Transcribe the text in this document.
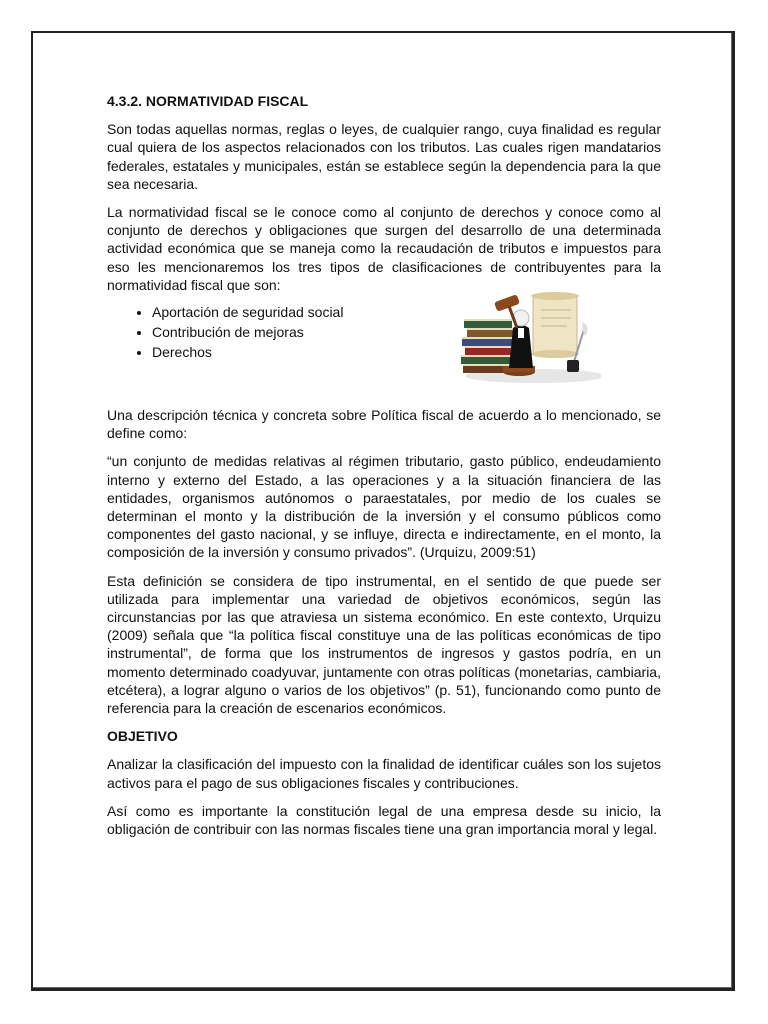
4.3.2. NORMATIVIDAD FISCAL

Son todas aquellas normas, reglas o leyes, de cualquier rango, cuya finalidad es regular cual quiera de los aspectos relacionados con los tributos. Las cuales rigen mandatarios federales, estatales y municipales, están se establece según la dependencia para la que sea necesaria.

La normatividad fiscal se le conoce como al conjunto de derechos y conoce como al conjunto de derechos y obligaciones que surgen del desarrollo de una determinada actividad económica que se maneja como la recaudación de tributos e impuestos para eso les mencionaremos los tres tipos de clasificaciones de contribuyentes para la normatividad fiscal que son:

• Aportación de seguridad social
• Contribución de mejoras
• Derechos

Una descripción técnica y concreta sobre Política fiscal de acuerdo a lo mencionado, se define como:

“un conjunto de medidas relativas al régimen tributario, gasto público, endeudamiento interno y externo del Estado, a las operaciones y a la situación financiera de las entidades, organismos autónomos o paraestatales, por medio de los cuales se determinan el monto y la distribución de la inversión y el consumo públicos como componentes del gasto nacional, y se influye, directa e indirectamente, en el monto, la composición de la inversión y consumo privados”. (Urquizu, 2009:51)

Esta definición se considera de tipo instrumental, en el sentido de que puede ser utilizada para implementar una variedad de objetivos económicos, según las circunstancias por las que atraviesa un sistema económico. En este contexto, Urquizu (2009) señala que “la política fiscal constituye una de las políticas económicas de tipo instrumental”, de forma que los instrumentos de ingresos y gastos podría, en un momento determinado coadyuvar, juntamente con otras políticas (monetarias, cambiaria, etcétera), a lograr alguno o varios de los objetivos” (p. 51), funcionando como punto de referencia para la creación de escenarios económicos.

OBJETIVO

Analizar la clasificación del impuesto con la finalidad de identificar cuáles son los sujetos activos para el pago de sus obligaciones fiscales y contribuciones.

Así como es importante la constitución legal de una empresa desde su inicio, la obligación de contribuir con las normas fiscales tiene una gran importancia moral y legal.
